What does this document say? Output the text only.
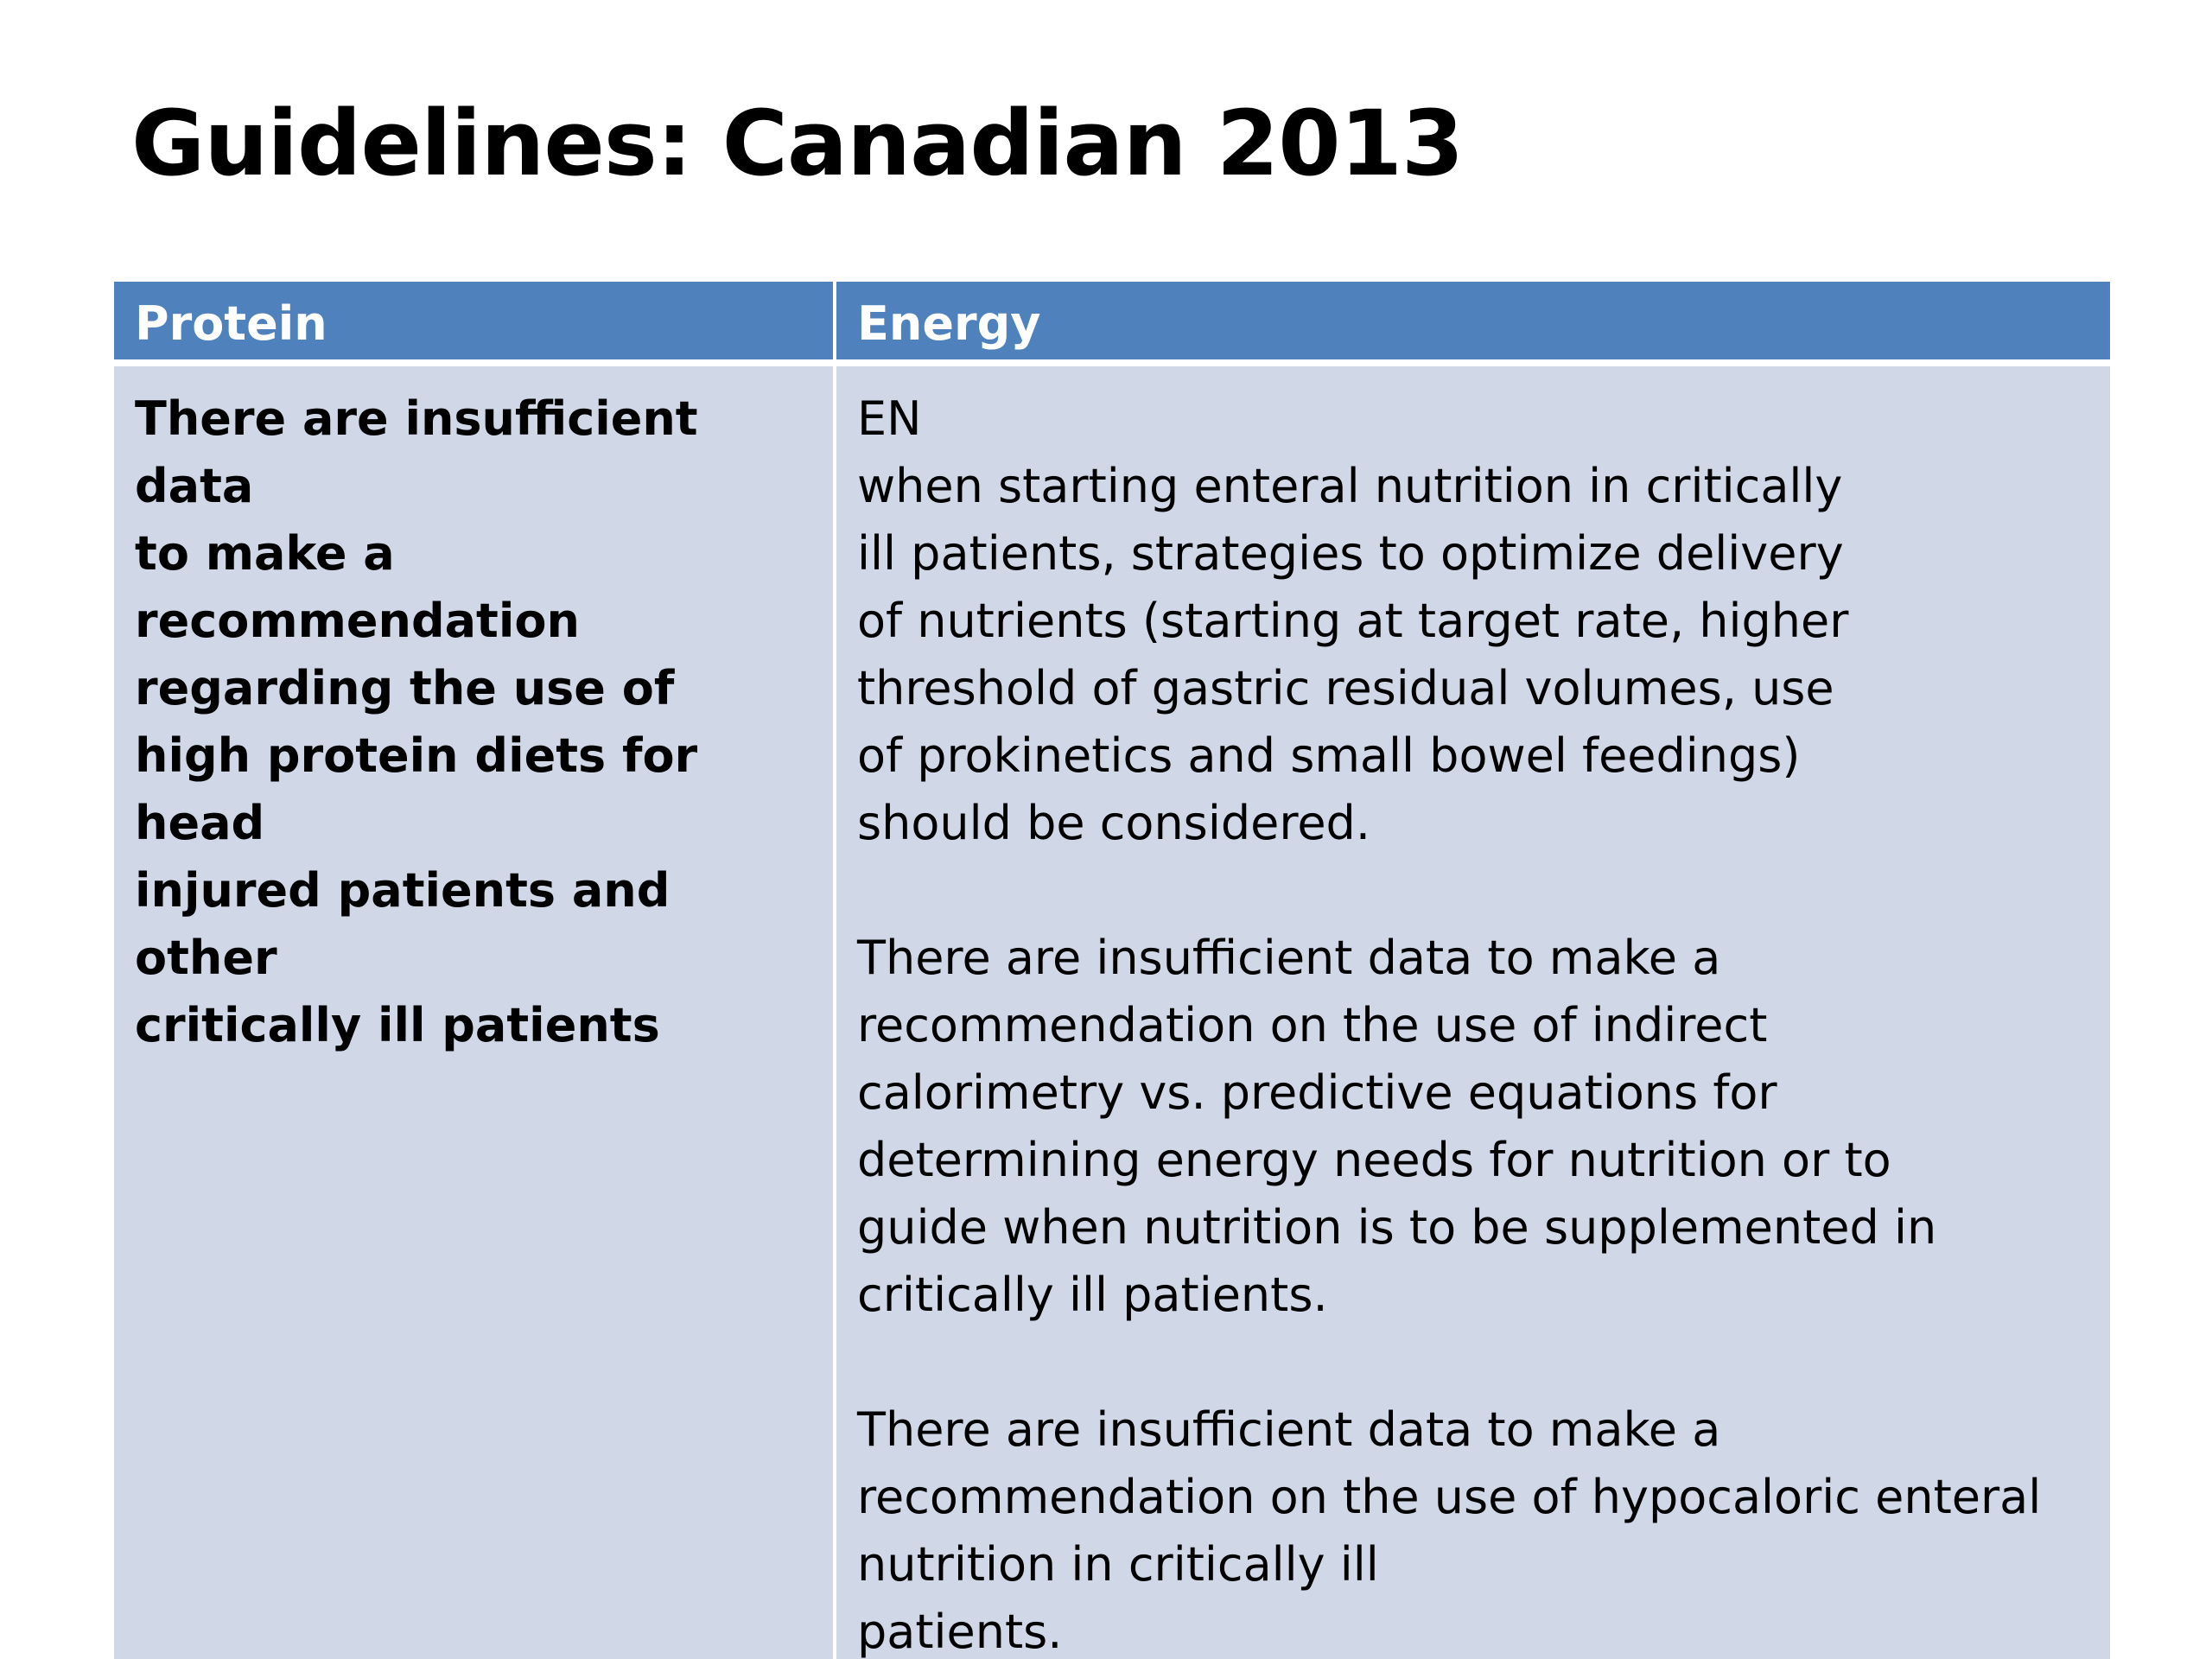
Guidelines: Canadian 2013
Protein	Energy

There are insufficient data
to make a recommendation
regarding the use of
high protein diets for head
injured patients and other
critically ill patients

EN
when starting enteral nutrition in critically
ill patients, strategies to optimize delivery
of nutrients (starting at target rate, higher
threshold of gastric residual volumes, use
of prokinetics and small bowel feedings)
should be considered.

There are insufficient data to make a
recommendation on the use of indirect
calorimetry vs. predictive equations for
determining energy needs for nutrition or to
guide when nutrition is to be supplemented in
critically ill patients.

There are insufficient data to make a
recommendation on the use of hypocaloric enteral
nutrition in critically ill
patients.
